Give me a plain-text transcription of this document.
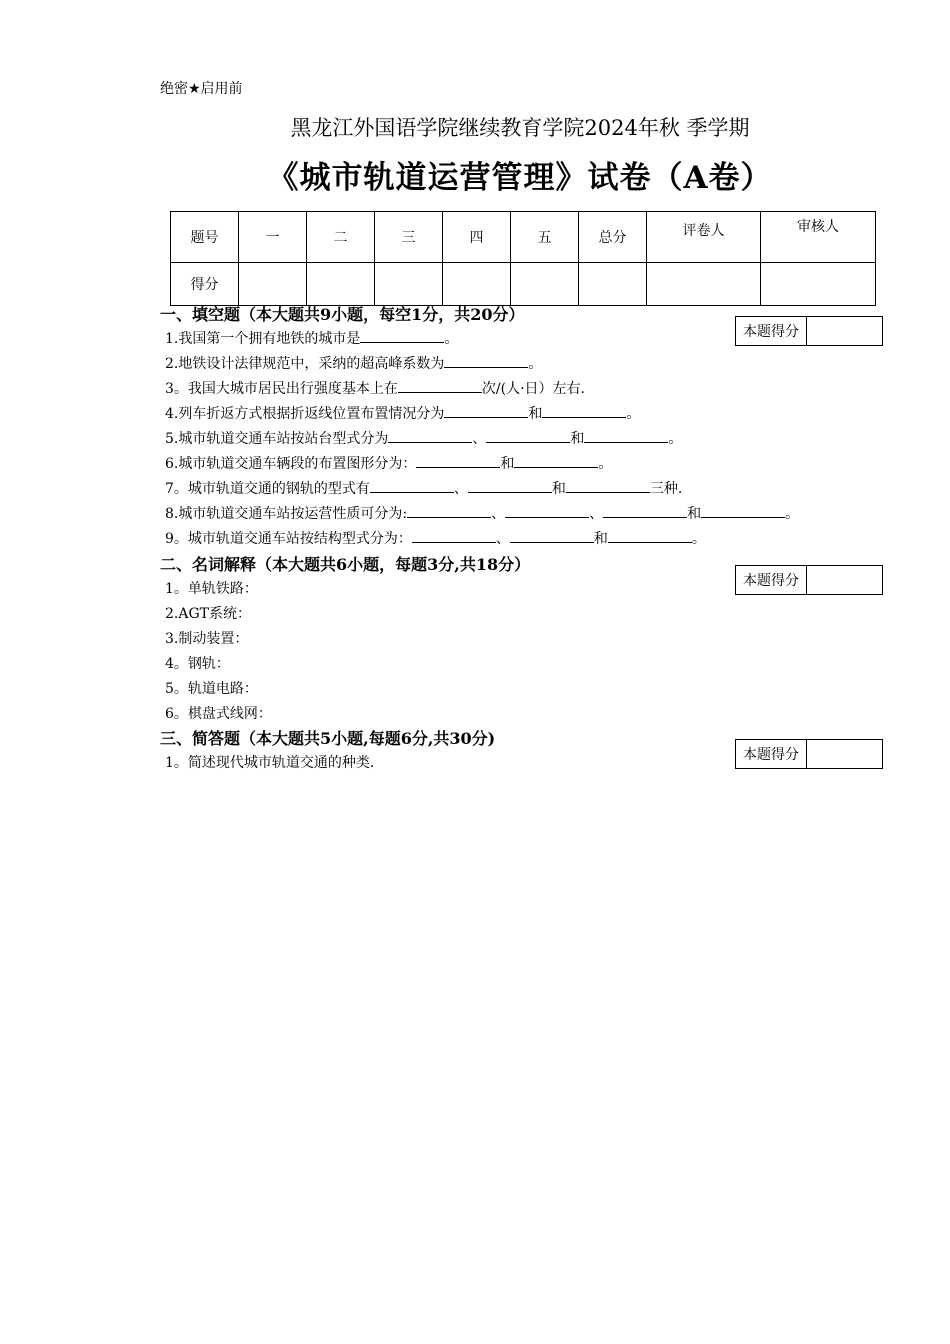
绝密★启用前
黑龙江外国语学院继续教育学院2024年秋 季学期
《城市轨道运营管理》试卷（A卷）
题号	一	二	三	四	五	总分	评卷人	审核人
得分								
一、填空题（本大题共9小题，每空1分，共20分）
本题得分
1.我国第一个拥有地铁的城市是	。
2.地铁设计法律规范中，采纳的超高峰系数为	。
3。我国大城市居民出行强度基本上在	次/(人·日）左右.
4.列车折返方式根据折返线位置布置情况分为	和	。
5.城市轨道交通车站按站台型式分为	、	和	。
6.城市轨道交通车辆段的布置图形分为：	和	。
7。城市轨道交通的钢轨的型式有	、	和	三种.
8.城市轨道交通车站按运营性质可分为:	、	、	和	。
9。城市轨道交通车站按结构型式分为：	、	和	。
二、名词解释（本大题共6小题，每题3分,共18分）
本题得分
1。单轨铁路：
2.AGT系统：
3.制动装置：
4。钢轨：
5。轨道电路：
6。棋盘式线网：
三、简答题（本大题共5小题,每题6分,共30分)
本题得分
1。简述现代城市轨道交通的种类.
